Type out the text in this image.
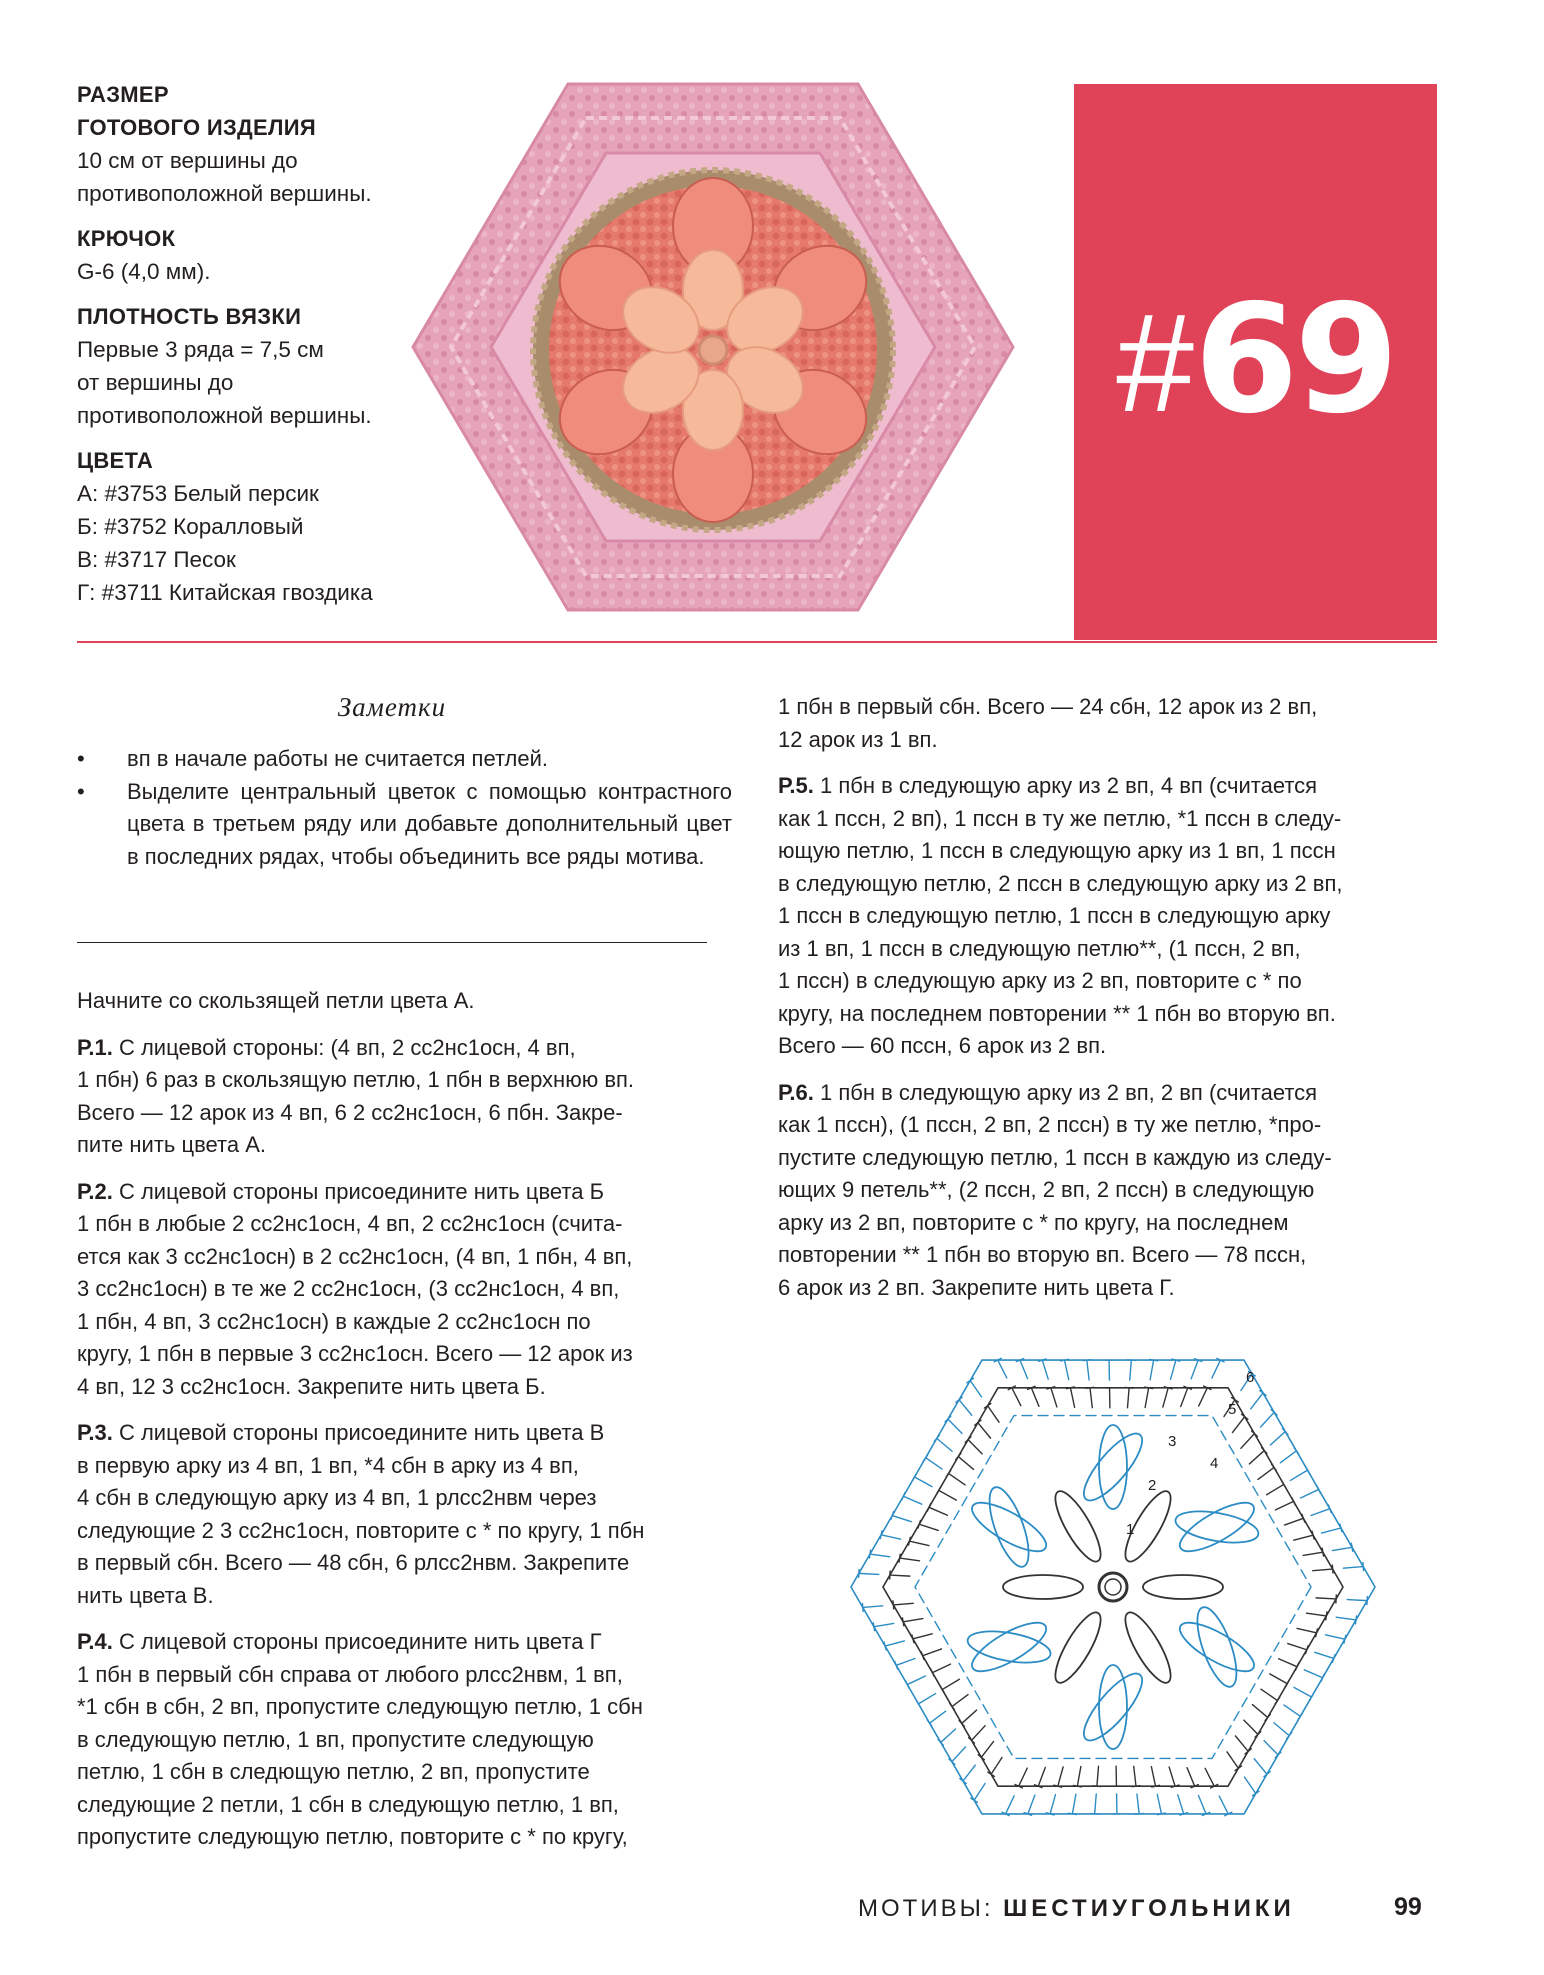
РАЗМЕР
ГОТОВОГО ИЗДЕЛИЯ
10 см от вершины до
противоположной вершины.
КРЮЧОК
G-6 (4,0 мм).
ПЛОТНОСТЬ ВЯЗКИ
Первые 3 ряда = 7,5 см
от вершины до
противоположной вершины.
ЦВЕТА
А: #3753 Белый персик
Б: #3752 Коралловый
В: #3717 Песок
Г: #3711 Китайская гвоздика
#69
Заметки
• вп в начале работы не считается петлей.
• Выделите центральный цветок с помощью контрастного цвета в третьем ряду или добавьте дополнительный цвет в последних рядах, чтобы объединить все ряды мотива.

Начните со скользящей петли цвета А.

Р.1. С лицевой стороны: (4 вп, 2 сс2нс1осн, 4 вп,
1 пбн) 6 раз в скользящую петлю, 1 пбн в верхнюю вп.
Всего — 12 арок из 4 вп, 6 2 сс2нс1осн, 6 пбн. Закре-
пите нить цвета А.

Р.2. С лицевой стороны присоедините нить цвета Б
1 пбн в любые 2 сс2нс1осн, 4 вп, 2 сс2нс1осн (счита-
ется как 3 сс2нс1осн) в 2 сс2нс1осн, (4 вп, 1 пбн, 4 вп,
3 сс2нс1осн) в те же 2 сс2нс1осн, (3 сс2нс1осн, 4 вп,
1 пбн, 4 вп, 3 сс2нс1осн) в каждые 2 сс2нс1осн по
кругу, 1 пбн в первые 3 сс2нс1осн. Всего — 12 арок из
4 вп, 12 3 сс2нс1осн. Закрепите нить цвета Б.

Р.3. С лицевой стороны присоедините нить цвета В
в первую арку из 4 вп, 1 вп, *4 сбн в арку из 4 вп,
4 сбн в следующую арку из 4 вп, 1 рлсс2нвм через
следующие 2 3 сс2нс1осн, повторите с * по кругу, 1 пбн
в первый сбн. Всего — 48 сбн, 6 рлсс2нвм. Закрепите
нить цвета В.

Р.4. С лицевой стороны присоедините нить цвета Г
1 пбн в первый сбн справа от любого рлсс2нвм, 1 вп,
*1 сбн в сбн, 2 вп, пропустите следующую петлю, 1 сбн
в следующую петлю, 1 вп, пропустите следующую
петлю, 1 сбн в следющую петлю, 2 вп, пропустите
следующие 2 петли, 1 сбн в следующую петлю, 1 вп,
пропустите следующую петлю, повторите с * по кругу,

1 пбн в первый сбн. Всего — 24 сбн, 12 арок из 2 вп,
12 арок из 1 вп.

Р.5. 1 пбн в следующую арку из 2 вп, 4 вп (считается
как 1 пссн, 2 вп), 1 пссн в ту же петлю, *1 пссн в следу-
ющую петлю, 1 пссн в следующую арку из 1 вп, 1 пссн
в следующую петлю, 2 пссн в следующую арку из 2 вп,
1 пссн в следующую петлю, 1 пссн в следующую арку
из 1 вп, 1 пссн в следующую петлю**, (1 пссн, 2 вп,
1 пссн) в следующую арку из 2 вп, повторите с * по
кругу, на последнем повторении ** 1 пбн во вторую вп.
Всего — 60 пссн, 6 арок из 2 вп.

Р.6. 1 пбн в следующую арку из 2 вп, 2 вп (считается
как 1 пссн), (1 пссн, 2 вп, 2 пссн) в ту же петлю, *про-
пустите следующую петлю, 1 пссн в каждую из следу-
ющих 9 петель**, (2 пссн, 2 вп, 2 пссн) в следующую
арку из 2 вп, повторите с * по кругу, на последнем
повторении ** 1 пбн во вторую вп. Всего — 78 пссн,
6 арок из 2 вп. Закрепите нить цвета Г.

1
2
3
4
5
6
МОТИВЫ: ШЕСТИУГОЛЬНИКИ	99
